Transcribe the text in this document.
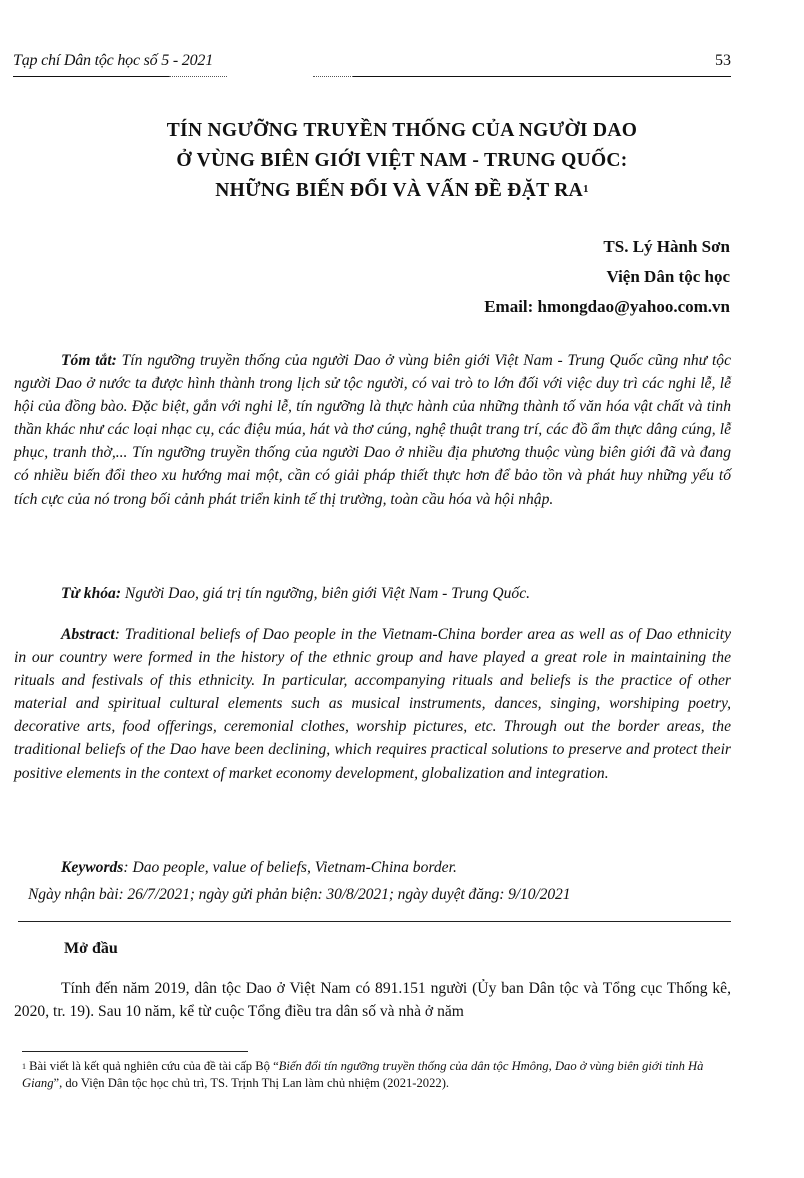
Tạp chí Dân tộc học số 5 - 2021	53
TÍN NGƯỠNG TRUYỀN THỐNG CỦA NGƯỜI DAO
Ở VÙNG BIÊN GIỚI VIỆT NAM - TRUNG QUỐC:
NHỮNG BIẾN ĐỔI VÀ VẤN ĐỀ ĐẶT $RA^1$
TS. Lý Hành Sơn
Viện Dân tộc học
Email: hmongdao@yahoo.com.vn
Tóm tắt: Tín ngưỡng truyền thống của người Dao ở vùng biên giới Việt Nam - Trung Quốc cũng như tộc người Dao ở nước ta được hình thành trong lịch sử tộc người, có vai trò to lớn đối với việc duy trì các nghi lễ, lễ hội của đồng bào. Đặc biệt, gắn với nghi lễ, tín ngưỡng là thực hành của những thành tố văn hóa vật chất và tinh thần khác như các loại nhạc cụ, các điệu múa, hát và thơ cúng, nghệ thuật trang trí, các đồ ẩm thực dâng cúng, lễ phục, tranh thờ,... Tín ngưỡng truyền thống của người Dao ở nhiều địa phương thuộc vùng biên giới đã và đang có nhiều biến đổi theo xu hướng mai một, cần có giải pháp thiết thực hơn để bảo tồn và phát huy những yếu tố tích cực của nó trong bối cảnh phát triển kinh tế thị trường, toàn cầu hóa và hội nhập.
Từ khóa: Người Dao, giá trị tín ngưỡng, biên giới Việt Nam - Trung Quốc.
Abstract: Traditional beliefs of Dao people in the Vietnam-China border area as well as of Dao ethnicity in our country were formed in the history of the ethnic group and have played a great role in maintaining the rituals and festivals of this ethnicity. In particular, accompanying rituals and beliefs is the practice of other material and spiritual cultural elements such as musical instruments, dances, singing, worshiping poetry, decorative arts, food offerings, ceremonial clothes, worship pictures, etc. Through out the border areas, the traditional beliefs of the Dao have been declining, which requires practical solutions to preserve and protect their positive elements in the context of market economy development, globalization and integration.
Keywords: Dao people, value of beliefs, Vietnam-China border.
Ngày nhận bài: 26/7/2021; ngày gửi phản biện: 30/8/2021; ngày duyệt đăng: 9/10/2021
Mở đầu
Tính đến năm 2019, dân tộc Dao ở Việt Nam có 891.151 người (Ủy ban Dân tộc và Tổng cục Thống kê, 2020, tr. 19). Sau 10 năm, kể từ cuộc Tổng điều tra dân số và nhà ở năm
$^1$ Bài viết là kết quả nghiên cứu của đề tài cấp Bộ “Biến đổi tín ngưỡng truyền thống của dân tộc Hmông, Dao ở vùng biên giới tỉnh Hà Giang”, do Viện Dân tộc học chủ trì, TS. Trịnh Thị Lan làm chủ nhiệm (2021-2022).
